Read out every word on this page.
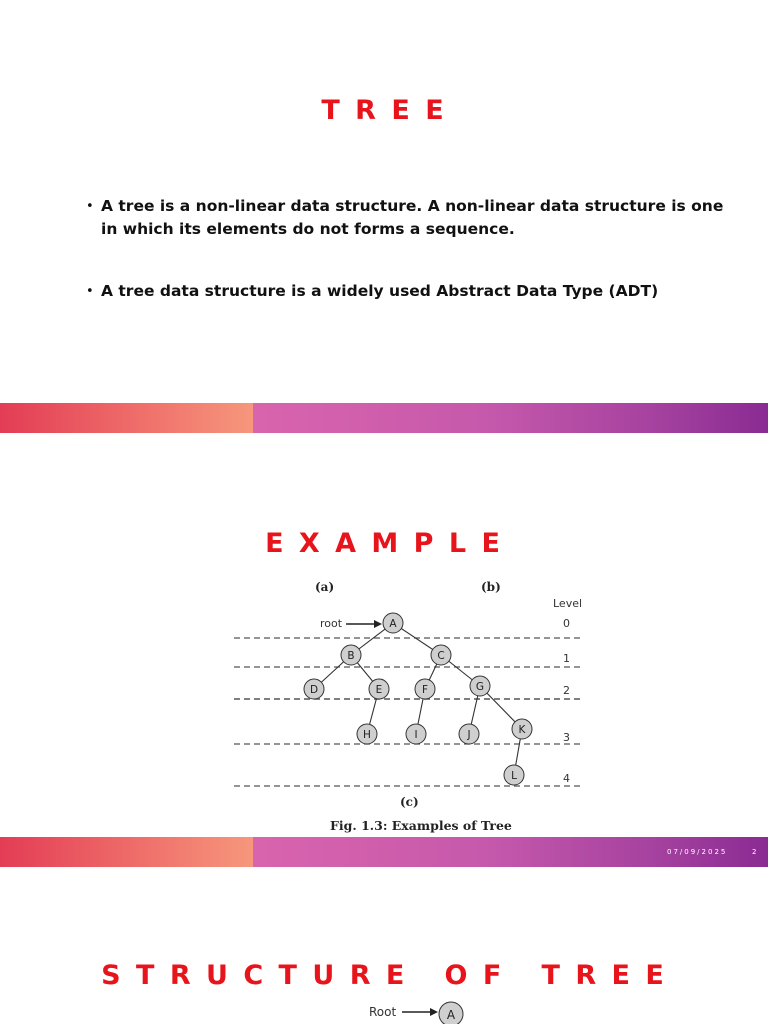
T R E E
• A tree is a non-linear data structure. A non-linear data structure is one in which its elements do not forms a sequence.
• A tree data structure is a widely used Abstract Data Type (ADT)
E X A M P L E
(a)	(b)
Level
0
1
2
3
4
root	A
B	C
D	E	F	G
H	I	J	K
L
(c)
Fig. 1.3: Examples of Tree
07/09/2025	2
S T R U C T U R E   O F   T R E E
Root	A
